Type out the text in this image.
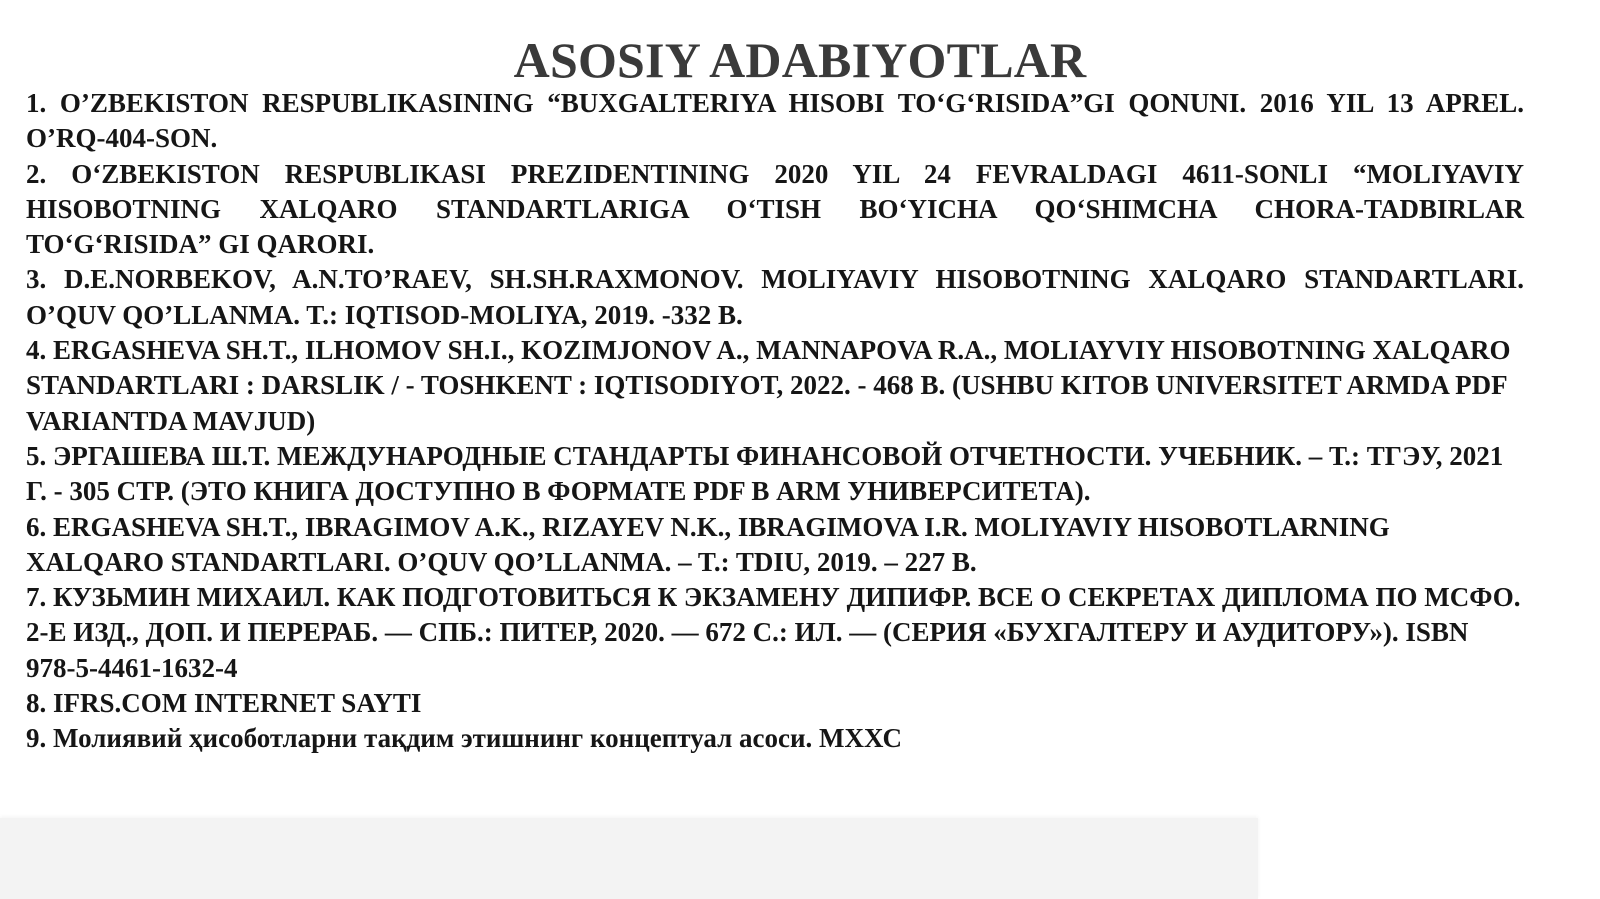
ASOSIY ADABIYOTLAR
1. O’ZBEKISTON RESPUBLIKASINING “BUXGALTERIYA HISOBI TO‘G‘RISIDA”GI QONUNI. 2016 YIL 13 APREL. O’RQ-404-SON.
2. O‘ZBEKISTON RESPUBLIKASI PREZIDENTINING 2020 YIL 24 FEVRALDAGI 4611-SONLI “MOLIYAVIY HISOBOTNING XALQARO STANDARTLARIGA O‘TISH BO‘YICHA QO‘SHIMCHA CHORA-TADBIRLAR TO‘G‘RISIDA” GI QARORI.
3. D.E.NORBEKOV, A.N.TO’RAEV, SH.SH.RAXMONOV. MOLIYAVIY HISOBOTNING XALQARO STANDARTLARI. O’QUV QO’LLANMA. T.: IQTISOD-MOLIYA, 2019. -332 B.
4. ERGASHEVA SH.T., ILHOMOV SH.I., KOZIMJONOV A., MANNAPOVA R.A., MOLIAYVIY HISOBOTNING XALQARO STANDARTLARI : DARSLIK / - TOSHKENT : IQTISODIYOT, 2022. - 468 B. (USHBU KITOB UNIVERSITET ARMDA PDF VARIANTDA MAVJUD)
5. ЭРГАШЕВА Ш.Т. МЕЖДУНАРОДНЫЕ СТАНДАРТЫ ФИНАНСОВОЙ ОТЧЕТНОСТИ. УЧЕБНИК. – Т.: ТГЭУ, 2021 Г. - 305 СТР. (ЭТО КНИГА ДОСТУПНО В ФОРМАТЕ PDF В ARM УНИВЕРСИТЕТА).
6. ERGASHEVA SH.T., IBRAGIMOV A.K., RIZAYEV N.K., IBRAGIMOVA I.R. MOLIYAVIY HISOBOTLARNING XALQARO STANDARTLARI. O’QUV QO’LLANMA. – T.: TDIU, 2019. – 227 B.
7. КУЗЬМИН МИХАИЛ. КАК ПОДГОТОВИТЬСЯ К ЭКЗАМЕНУ ДИПИФР. ВСЕ О СЕКРЕТАХ ДИПЛОМА ПО МСФО. 2-Е ИЗД., ДОП. И ПЕРЕРАБ. — СПБ.: ПИТЕР, 2020. — 672 С.: ИЛ. — (СЕРИЯ «БУХГАЛТЕРУ И АУДИТОРУ»). ISBN 978-5-4461-1632-4
8. IFRS.COM INTERNET SAYTI
9. Молиявий ҳисоботларни тақдим этишнинг концептуал асоси. МХХС
